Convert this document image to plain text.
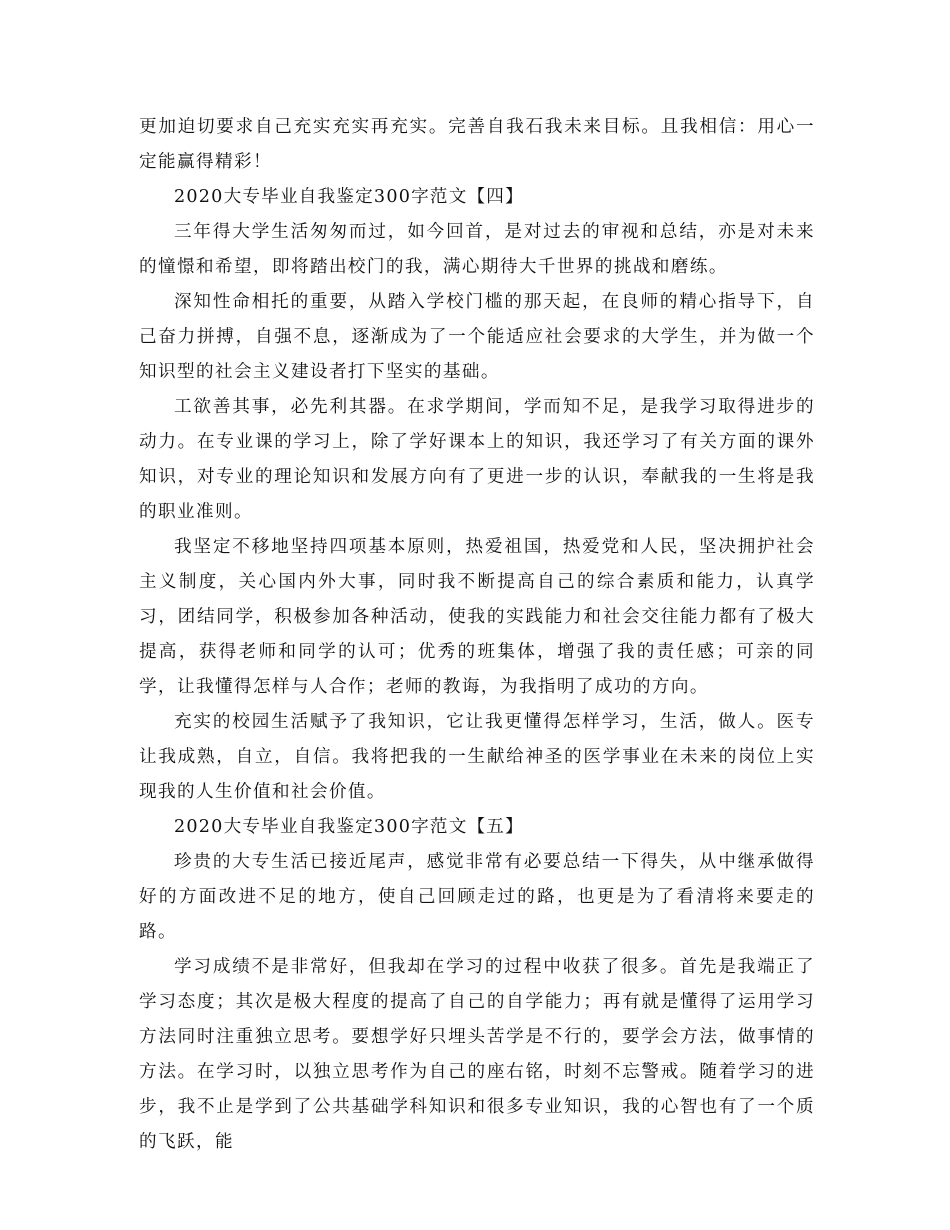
更加迫切要求自己充实充实再充实。完善自我石我未来目标。且我相信：用心一定能赢得精彩！

2020大专毕业自我鉴定300字范文【四】

三年得大学生活匆匆而过，如今回首，是对过去的审视和总结，亦是对未来的憧憬和希望，即将踏出校门的我，满心期待大千世界的挑战和磨练。

深知性命相托的重要，从踏入学校门槛的那天起，在良师的精心指导下，自己奋力拼搏，自强不息，逐渐成为了一个能适应社会要求的大学生，并为做一个知识型的社会主义建设者打下坚实的基础。

工欲善其事，必先利其器。在求学期间，学而知不足，是我学习取得进步的动力。在专业课的学习上，除了学好课本上的知识，我还学习了有关方面的课外知识，对专业的理论知识和发展方向有了更进一步的认识，奉献我的一生将是我的职业准则。

我坚定不移地坚持四项基本原则，热爱祖国，热爱党和人民，坚决拥护社会主义制度，关心国内外大事，同时我不断提高自己的综合素质和能力，认真学习，团结同学，积极参加各种活动，使我的实践能力和社会交往能力都有了极大提高，获得老师和同学的认可；优秀的班集体，增强了我的责任感；可亲的同学，让我懂得怎样与人合作；老师的教诲，为我指明了成功的方向。

充实的校园生活赋予了我知识，它让我更懂得怎样学习，生活，做人。医专让我成熟，自立，自信。我将把我的一生献给神圣的医学事业在未来的岗位上实现我的人生价值和社会价值。

2020大专毕业自我鉴定300字范文【五】

珍贵的大专生活已接近尾声，感觉非常有必要总结一下得失，从中继承做得好的方面改进不足的地方，使自己回顾走过的路，也更是为了看清将来要走的路。

学习成绩不是非常好，但我却在学习的过程中收获了很多。首先是我端正了学习态度；其次是极大程度的提高了自己的自学能力；再有就是懂得了运用学习方法同时注重独立思考。要想学好只埋头苦学是不行的，要学会方法，做事情的方法。在学习时，以独立思考作为自己的座右铭，时刻不忘警戒。随着学习的进步，我不止是学到了公共基础学科知识和很多专业知识，我的心智也有了一个质的飞跃，能
